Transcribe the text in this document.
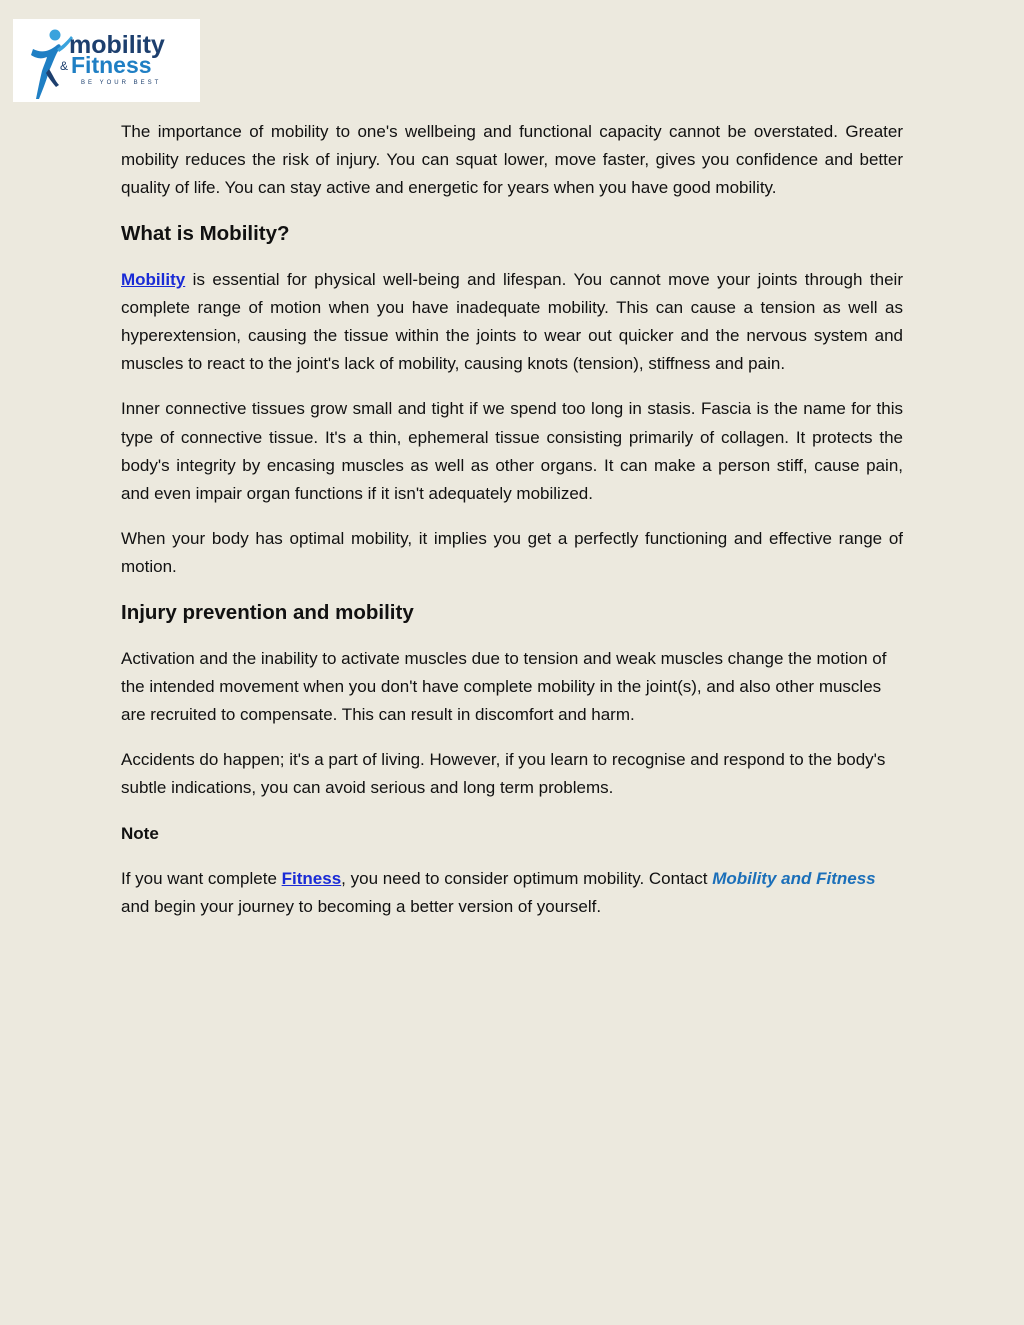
mobility
& Fitness
BE YOUR BEST

The importance of mobility to one's wellbeing and functional capacity cannot be overstated. Greater mobility reduces the risk of injury. You can squat lower, move faster, gives you confidence and better quality of life. You can stay active and energetic for years when you have good mobility.

What is Mobility?

Mobility is essential for physical well-being and lifespan. You cannot move your joints through their complete range of motion when you have inadequate mobility. This can cause a tension as well as hyperextension, causing the tissue within the joints to wear out quicker and the nervous system and muscles to react to the joint's lack of mobility, causing knots (tension), stiffness and pain.

Inner connective tissues grow small and tight if we spend too long in stasis. Fascia is the name for this type of connective tissue. It's a thin, ephemeral tissue consisting primarily of collagen. It protects the body's integrity by encasing muscles as well as other organs. It can make a person stiff, cause pain, and even impair organ functions if it isn't adequately mobilized.

When your body has optimal mobility, it implies you get a perfectly functioning and effective range of motion.

Injury prevention and mobility

Activation and the inability to activate muscles due to tension and weak muscles change the motion of the intended movement when you don't have complete mobility in the joint(s), and also other muscles are recruited to compensate. This can result in discomfort and harm.

Accidents do happen; it's a part of living. However, if you learn to recognise and respond to the body's subtle indications, you can avoid serious and long term problems.

Note

If you want complete Fitness, you need to consider optimum mobility. Contact Mobility and Fitness and begin your journey to becoming a better version of yourself.
